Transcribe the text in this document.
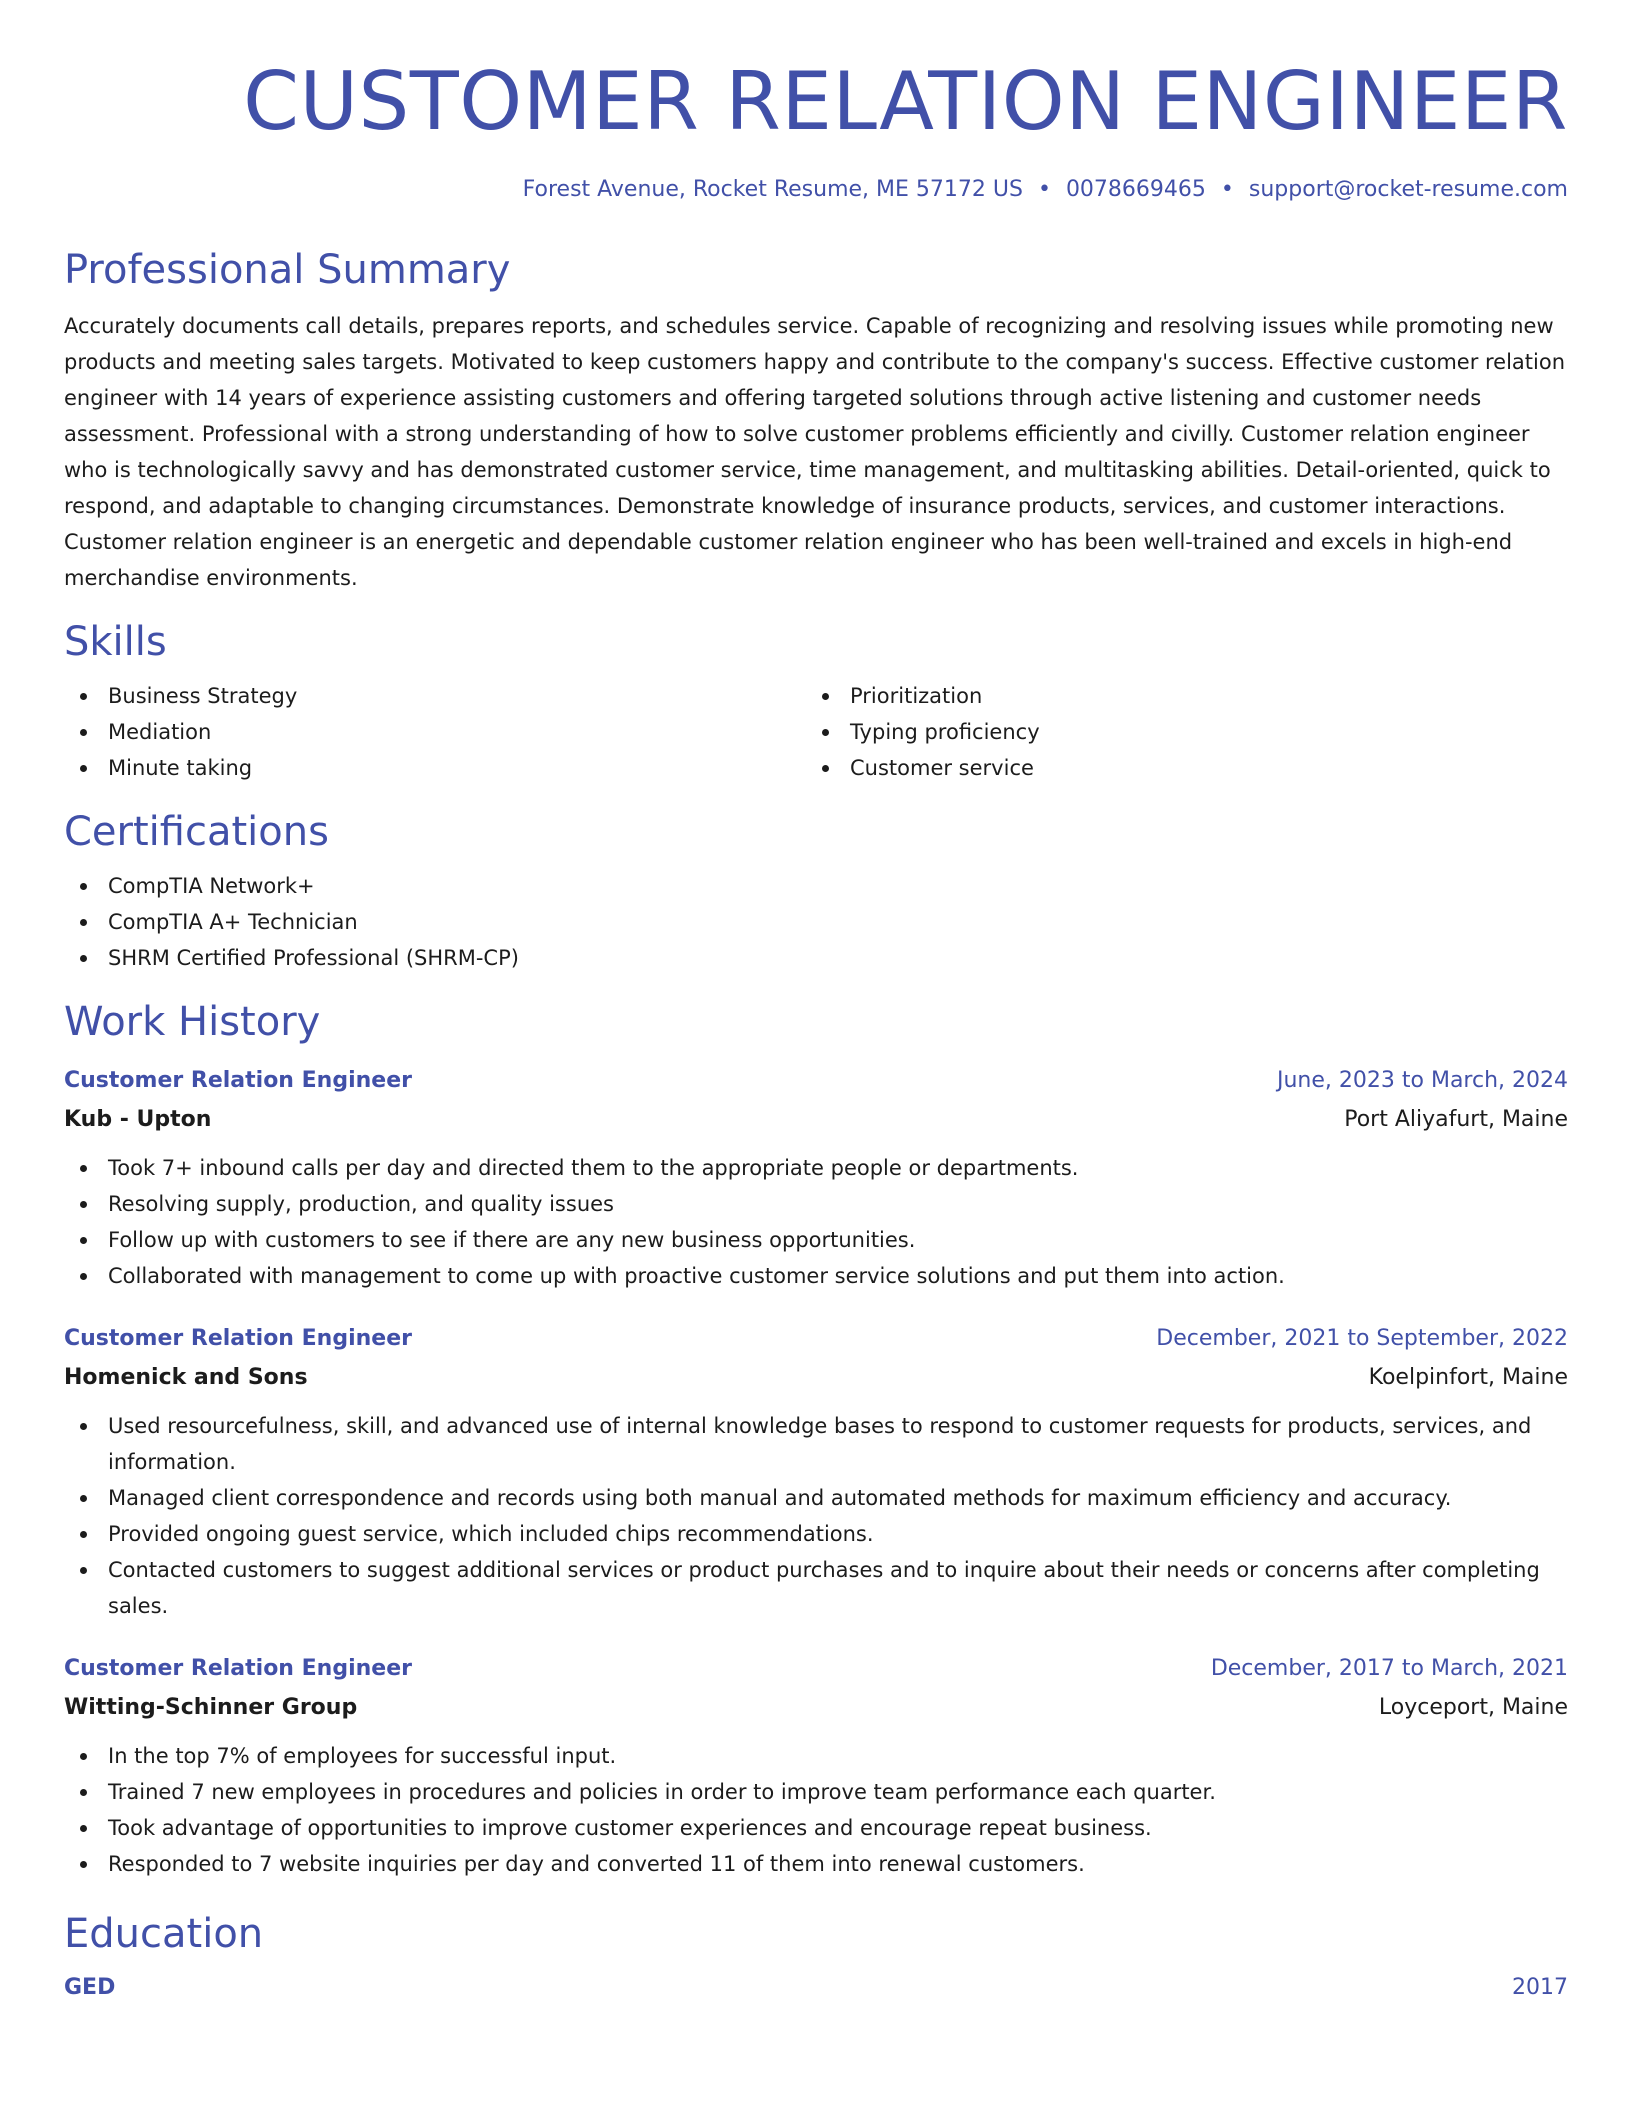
CUSTOMER RELATION ENGINEER
Forest Avenue, Rocket Resume, ME 57172 US • 0078669465 • support@rocket-resume.com
Professional Summary

Accurately documents call details, prepares reports, and schedules service. Capable of recognizing and resolving issues while promoting new products and meeting sales targets. Motivated to keep customers happy and contribute to the company's success. Effective customer relation engineer with 14 years of experience assisting customers and offering targeted solutions through active listening and customer needs assessment. Professional with a strong understanding of how to solve customer problems efficiently and civilly. Customer relation engineer who is technologically savvy and has demonstrated customer service, time management, and multitasking abilities. Detail-oriented, quick to respond, and adaptable to changing circumstances. Demonstrate knowledge of insurance products, services, and customer interactions. Customer relation engineer is an energetic and dependable customer relation engineer who has been well-trained and excels in high-end merchandise environments.

Skills
Business Strategy
Mediation
Minute taking
Prioritization
Typing proficiency
Customer service
Certifications
CompTIA Network+
CompTIA A+ Technician
SHRM Certified Professional (SHRM-CP)
Work History
Customer Relation Engineer	June, 2023 to March, 2024
Kub - Upton	Port Aliyafurt, Maine
Took 7+ inbound calls per day and directed them to the appropriate people or departments.
Resolving supply, production, and quality issues
Follow up with customers to see if there are any new business opportunities.
Collaborated with management to come up with proactive customer service solutions and put them into action.
Customer Relation Engineer	December, 2021 to September, 2022
Homenick and Sons	Koelpinfort, Maine
Used resourcefulness, skill, and advanced use of internal knowledge bases to respond to customer requests for products, services, and information.
Managed client correspondence and records using both manual and automated methods for maximum efficiency and accuracy.
Provided ongoing guest service, which included chips recommendations.
Contacted customers to suggest additional services or product purchases and to inquire about their needs or concerns after completing sales.
Customer Relation Engineer	December, 2017 to March, 2021
Witting-Schinner Group	Loyceport, Maine
In the top 7% of employees for successful input.
Trained 7 new employees in procedures and policies in order to improve team performance each quarter.
Took advantage of opportunities to improve customer experiences and encourage repeat business.
Responded to 7 website inquiries per day and converted 11 of them into renewal customers.
Education
GED	2017
